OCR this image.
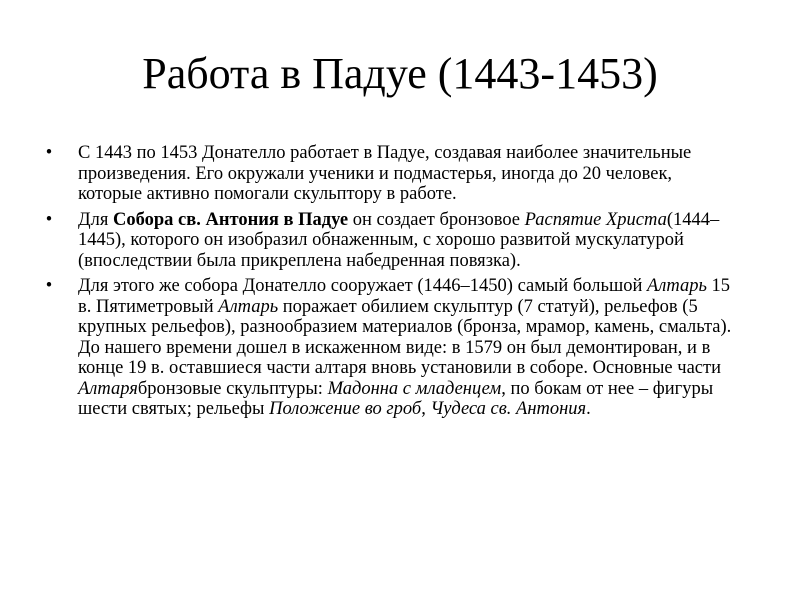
Работа в Падуе (1443-1453)
• С 1443 по 1453 Донателло работает в Падуе, создавая наиболее значительные произведения. Его окружали ученики и подмастерья, иногда до 20 человек, которые активно помогали скульптору в работе.
• Для Собора св. Антония в Падуе он создает бронзовое Распятие Христа(1444–1445), которого он изобразил обнаженным, с хорошо развитой мускулатурой (впоследствии была прикреплена набедренная повязка).
• Для этого же собора Донателло сооружает (1446–1450) самый большой Алтарь 15 в. Пятиметровый Алтарь поражает обилием скульптур (7 статуй), рельефов (5 крупных рельефов), разнообразием материалов (бронза, мрамор, камень, смальта). До нашего времени дошел в искаженном виде: в 1579 он был демонтирован, и в конце 19 в. оставшиеся части алтаря вновь установили в соборе. Основные части Алтарябронзовые скульптуры: Мадонна с младенцем, по бокам от нее – фигуры шести святых; рельефы Положение во гроб, Чудеса св. Антония.
